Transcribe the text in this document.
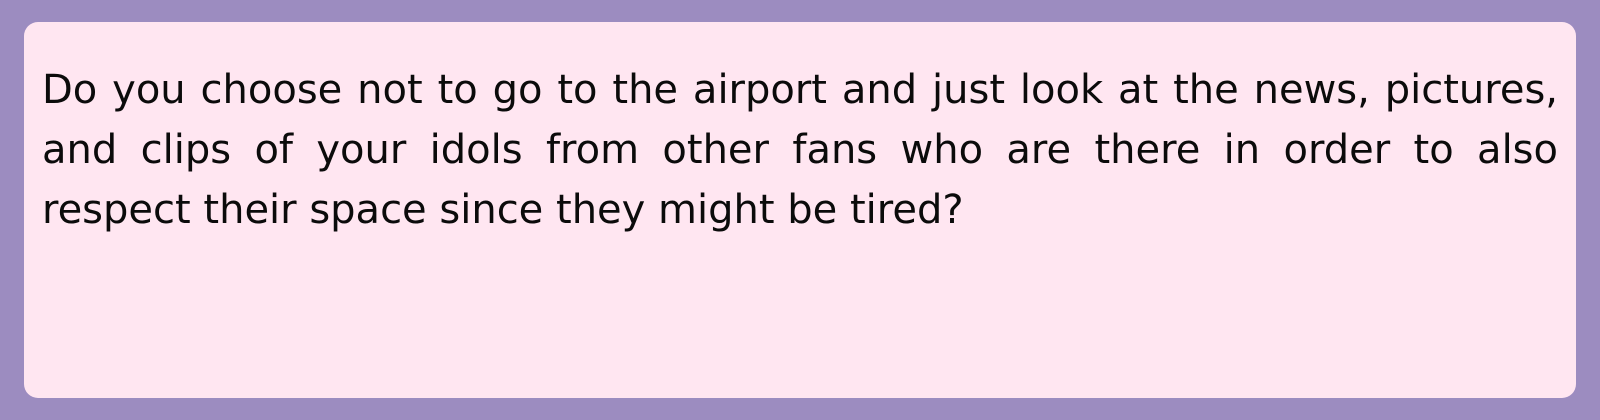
Do you choose not to go to the airport and just look at the news, pictures, and clips of your idols from other fans who are there in order to also respect their space since they might be tired?
